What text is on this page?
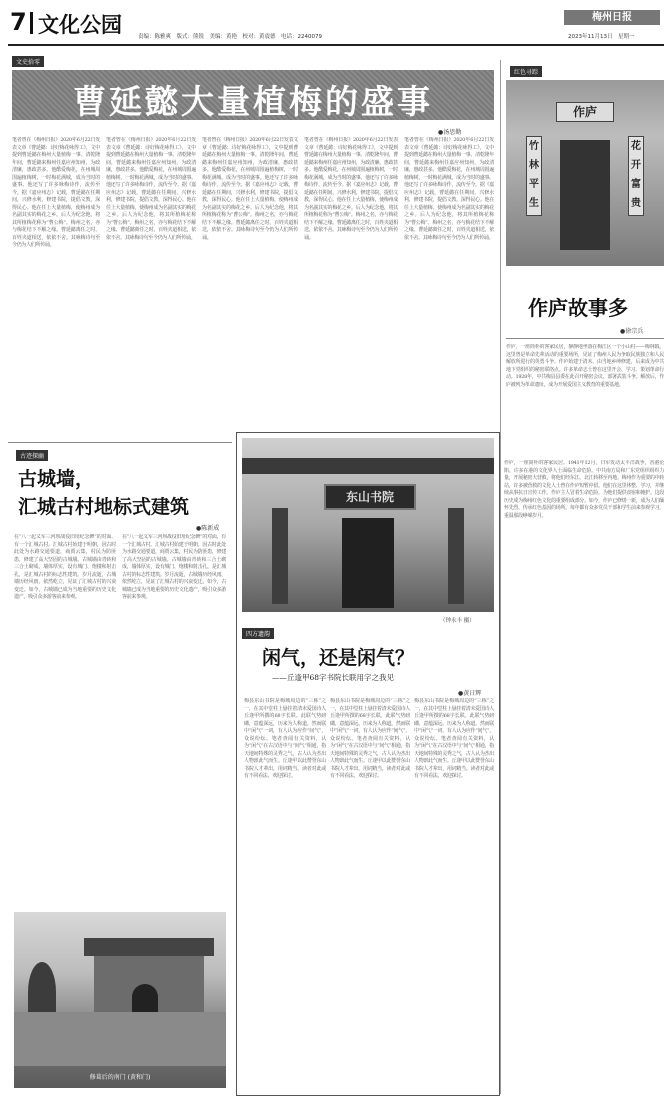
7 文化公园	责编：陈雅爽　版式：熊锐　美编：黄艳　校对：黄震德　电话：2240079
梅州日报
2023年11月13日　星期一
文史拾零
曹延懿大量植梅的盛事
●汤思勤
笔者曾在《梅州日报》2020年6月22日发表文章《曹延懿：诗好梅花咏得工》，文中提到曹延懿在梅州大量植梅一事。清乾隆年间，曹延懿来梅州任嘉应州知州，为政清廉，惠政甚多。他酷爱梅花，在州城周围遍植梅树，一时梅花满城，成为当时的盛事。他还写了许多咏梅诗作，流传至今。据《嘉应州志》记载，曹延懿在任期间，兴修水利，修建书院，提倡文教，深得民心。他在任上大量植梅，使梅州成为名副其实的梅花之乡。后人为纪念他，将其所植梅花称为“曹公梅”。梅州之名，亦与梅花结下不解之缘。曹延懿离任之时，百姓夹道相送，依依不舍。其咏梅诗句至今仍为人们所传诵。
笔者曾在《梅州日报》2020年6月22日发表文章《曹延懿：诗好梅花咏得工》，文中提到曹延懿在梅州大量植梅一事。清乾隆年间，曹延懿来梅州任嘉应州知州，为政清廉，惠政甚多。他酷爱梅花，在州城周围遍植梅树，一时梅花满城，成为当时的盛事。他还写了许多咏梅诗作，流传至今。据《嘉应州志》记载，曹延懿在任期间，兴修水利，修建书院，提倡文教，深得民心。他在任上大量植梅，使梅州成为名副其实的梅花之乡。后人为纪念他，将其所植梅花称为“曹公梅”。梅州之名，亦与梅花结下不解之缘。曹延懿离任之时，百姓夹道相送，依依不舍。其咏梅诗句至今仍为人们所传诵。
笔者曾在《梅州日报》2020年6月22日发表文章《曹延懿：诗好梅花咏得工》，文中提到曹延懿在梅州大量植梅一事。清乾隆年间，曹延懿来梅州任嘉应州知州，为政清廉，惠政甚多。他酷爱梅花，在州城周围遍植梅树，一时梅花满城，成为当时的盛事。他还写了许多咏梅诗作，流传至今。据《嘉应州志》记载，曹延懿在任期间，兴修水利，修建书院，提倡文教，深得民心。他在任上大量植梅，使梅州成为名副其实的梅花之乡。后人为纪念他，将其所植梅花称为“曹公梅”。梅州之名，亦与梅花结下不解之缘。曹延懿离任之时，百姓夹道相送，依依不舍。其咏梅诗句至今仍为人们所传诵。
笔者曾在《梅州日报》2020年6月22日发表文章《曹延懿：诗好梅花咏得工》，文中提到曹延懿在梅州大量植梅一事。清乾隆年间，曹延懿来梅州任嘉应州知州，为政清廉，惠政甚多。他酷爱梅花，在州城周围遍植梅树，一时梅花满城，成为当时的盛事。他还写了许多咏梅诗作，流传至今。据《嘉应州志》记载，曹延懿在任期间，兴修水利，修建书院，提倡文教，深得民心。他在任上大量植梅，使梅州成为名副其实的梅花之乡。后人为纪念他，将其所植梅花称为“曹公梅”。梅州之名，亦与梅花结下不解之缘。曹延懿离任之时，百姓夹道相送，依依不舍。其咏梅诗句至今仍为人们所传诵。
笔者曾在《梅州日报》2020年6月22日发表文章《曹延懿：诗好梅花咏得工》，文中提到曹延懿在梅州大量植梅一事。清乾隆年间，曹延懿来梅州任嘉应州知州，为政清廉，惠政甚多。他酷爱梅花，在州城周围遍植梅树，一时梅花满城，成为当时的盛事。他还写了许多咏梅诗作，流传至今。据《嘉应州志》记载，曹延懿在任期间，兴修水利，修建书院，提倡文教，深得民心。他在任上大量植梅，使梅州成为名副其实的梅花之乡。后人为纪念他，将其所植梅花称为“曹公梅”。梅州之名，亦与梅花结下不解之缘。曹延懿离任之时，百姓夹道相送，依依不舍。其咏梅诗句至今仍为人们所传诵。
红色寻踪
作庐
竹
林
平
生
花
开
富
贵
作庐故事多
●徐宗兵
作庐，一座简朴的客家民居，静静地坐落在梅江区一个小山村——梅林镇。这里曾是革命先辈活动的重要场所，见证了梅州人民为争取民族独立和人民解放所进行的英勇斗争。作庐始建于清末，由当地乡绅修建，后来成为中共地下党组织的秘密联络点。许多革命志士曾在这里开会、学习、策划革命行动。1928年，中共梅县县委在此召开秘密会议，部署武装斗争。解放后，作庐被列为革命遗址，成为开展爱国主义教育的重要基地。
古迹探幽
古城墙，
汇城古村地标式建筑
●陈新成
在“八一起义军三河坝战役旧址纪念碑”的对面，有一个汇城古村。汇城古村始建于明朝，因古时此处为水路交通要道，商贾云集，村民为防匪患，修建了高大坚固的古城墙。古城墙由青砖和三合土砌成，墙体厚实，设有城门、炮楼和射击孔，是汇城古村的标志性建筑。岁月流逝，古城墙历经风雨，依然屹立，见证了汇城古村的兴衰变迁。如今，古城墙已成为当地重要的历史文化遗产，吸引众多游客前来参观。
在“八一起义军三河坝战役旧址纪念碑”的对面，有一个汇城古村。汇城古村始建于明朝，因古时此处为水路交通要道，商贾云集，村民为防匪患，修建了高大坚固的古城墙。古城墙由青砖和三合土砌成，墙体厚实，设有城门、炮楼和射击孔，是汇城古村的标志性建筑。岁月流逝，古城墙历经风雨，依然屹立，见证了汇城古村的兴衰变迁。如今，古城墙已成为当地重要的历史文化遗产，吸引众多游客前来参观。
修葺后的南门 (黄和门)
东山书院
（钟永丰 摄）
四方遗韵
闲气，还是闲气？
——丘逢甲68字书院长联用字之我见
●黄日辉
梅县东山书院是梅城周边的“三栋”之一，在其中堂柱上悬挂着清末爱国诗人丘逢甲所撰的68字长联。此联气势磅礴，意蕴深远，历来为人称道。然而联中“闲气”一词，有人认为应作“间气”，众说纷纭。笔者查阅有关资料，认为“闲气”在古汉语中与“间气”相通，指天地间特殊的灵秀之气，古人认为杰出人物禀此气而生。丘逢甲以此赞誉东山书院人才辈出，用词精当。读者对此或有不同看法，欢迎探讨。
梅县东山书院是梅城周边的“三栋”之一，在其中堂柱上悬挂着清末爱国诗人丘逢甲所撰的68字长联。此联气势磅礴，意蕴深远，历来为人称道。然而联中“闲气”一词，有人认为应作“间气”，众说纷纭。笔者查阅有关资料，认为“闲气”在古汉语中与“间气”相通，指天地间特殊的灵秀之气，古人认为杰出人物禀此气而生。丘逢甲以此赞誉东山书院人才辈出，用词精当。读者对此或有不同看法，欢迎探讨。
梅县东山书院是梅城周边的“三栋”之一，在其中堂柱上悬挂着清末爱国诗人丘逢甲所撰的68字长联。此联气势磅礴，意蕴深远，历来为人称道。然而联中“闲气”一词，有人认为应作“间气”，众说纷纭。笔者查阅有关资料，认为“闲气”在古汉语中与“间气”相通，指天地间特殊的灵秀之气，古人认为杰出人物禀此气而生。丘逢甲以此赞誉东山书院人才辈出，用词精当。读者对此或有不同看法，欢迎探讨。
作庐，一座简朴的客家民居。1941年12月，日军发动太平洋战争，香港沦陷。许多在港的文化界人士面临生命危险。中共南方局和广东党组织组织力量，开展秘密大营救，将他们经东江、北江转移至内地。梅州作为重要的中转站，许多被营救的文化人士曾在作庐短暂停留。他们在这里休整、学习，并继续从事抗日宣传工作。作庐主人冒着生命危险，为他们提供食宿和掩护。这段历史成为梅州红色文化的重要组成部分。如今，作庐已修缮一新，成为人们缅怀先烈、传承红色基因的场所。每年都有众多党员干部和学生前来参观学习，重温那段峥嵘岁月。
